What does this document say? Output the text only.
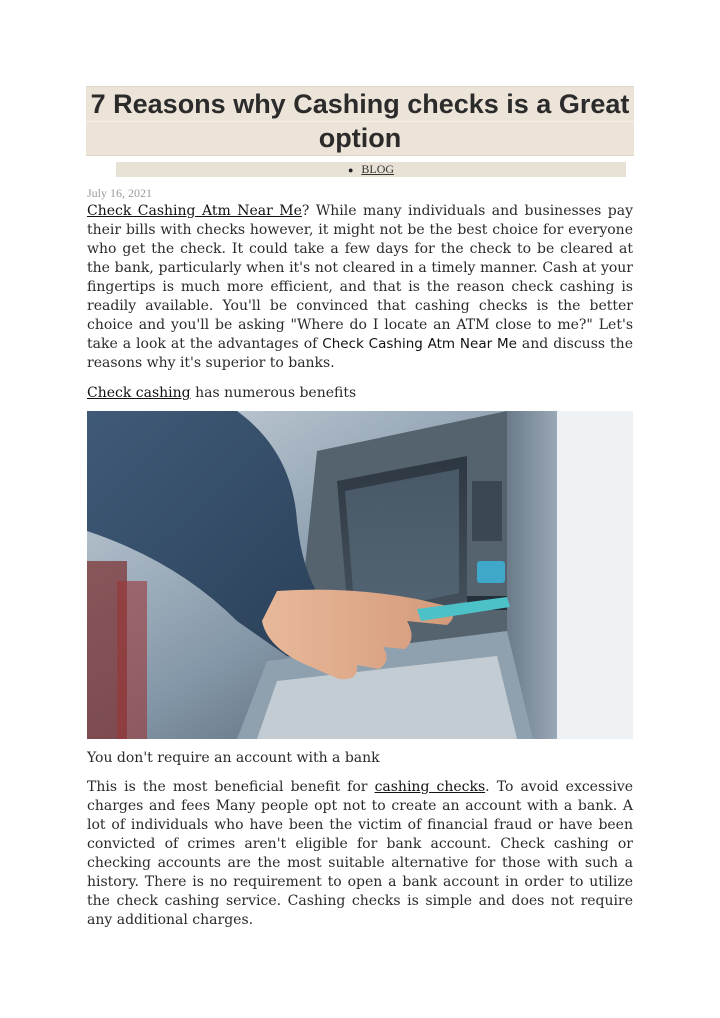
7 Reasons why Cashing checks is a Great option
● BLOG
July 16, 2021

Check Cashing Atm Near Me? While many individuals and businesses pay their bills with checks however, it might not be the best choice for everyone who get the check. It could take a few days for the check to be cleared at the bank, particularly when it's not cleared in a timely manner. Cash at your fingertips is much more efficient, and that is the reason check cashing is readily available. You'll be convinced that cashing checks is the better choice and you'll be asking "Where do I locate an ATM close to me?" Let's take a look at the advantages of Check Cashing Atm Near Me and discuss the reasons why it's superior to banks.

Check cashing has numerous benefits

You don't require an account with a bank

This is the most beneficial benefit for cashing checks. To avoid excessive charges and fees Many people opt not to create an account with a bank. A lot of individuals who have been the victim of financial fraud or have been convicted of crimes aren't eligible for bank account. Check cashing or checking accounts are the most suitable alternative for those with such a history. There is no requirement to open a bank account in order to utilize the check cashing service. Cashing checks is simple and does not require any additional charges.
